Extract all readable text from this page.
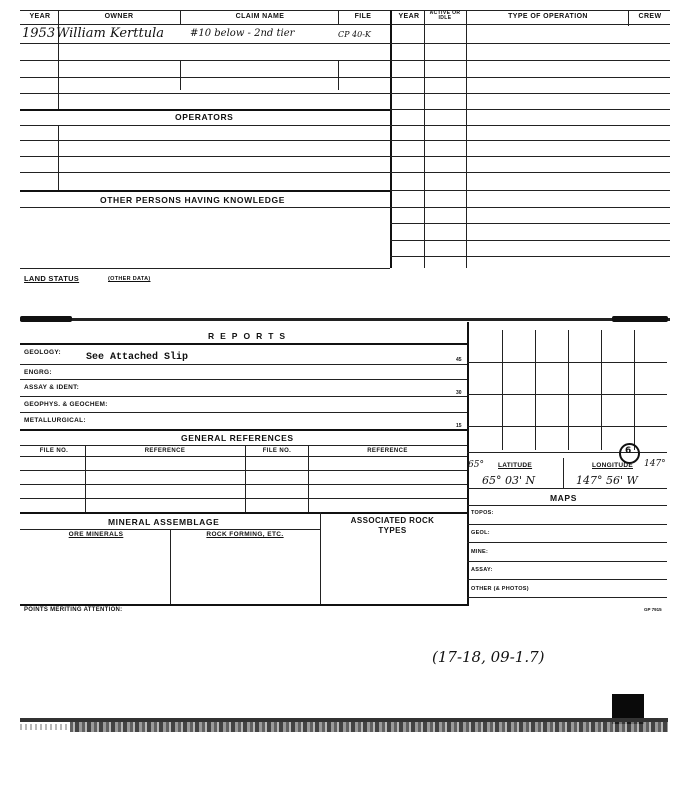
YEAR	OWNER	CLAIM NAME	FILE	YEAR	ACTIVE OR IDLE	TYPE OF OPERATION	CREW
1953 William Kerttula	#10 below - 2nd tier	CP 40-K
OPERATORS
OTHER PERSONS HAVING KNOWLEDGE
LAND STATUS	(OTHER DATA)
REPORTS
GEOLOGY:	See Attached Slip	45
ENGRG:
ASSAY & IDENT:
30
GEOPHYS. & GEOCHEM:
METALLURGICAL:
15
GENERAL REFERENCES
FILE NO.	REFERENCE	FILE NO.	REFERENCE
MINERAL ASSEMBLAGE	ASSOCIATED ROCK TYPES
ORE MINERALS	ROCK FORMING, ETC.
6
65° LATITUDE	LONGITUDE 147°
65° 03' N	147° 56' W
MAPS
TOPOS:
GEOL:
MINE:
ASSAY:
OTHER (& PHOTOS)
POINTS MERITING ATTENTION:	GP 7915
(17-18, 09-1.7)
